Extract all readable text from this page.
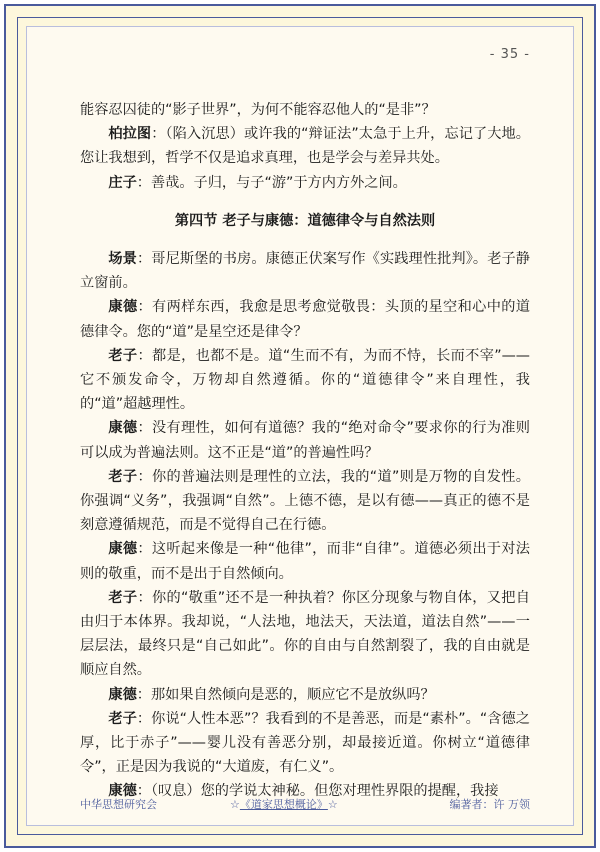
- 35 -

能容忍囚徒的“影子世界”，为何不能容忍他人的“是非”？

柏拉图：（陷入沉思）或许我的“辩证法”太急于上升，忘记了大地。您让我想到，哲学不仅是追求真理，也是学会与差异共处。

庄子：善哉。子归，与子“游”于方内方外之间。

第四节 老子与康德：道德律令与自然法则

场景：哥尼斯堡的书房。康德正伏案写作《实践理性批判》。老子静立窗前。

康德：有两样东西，我愈是思考愈觉敬畏：头顶的星空和心中的道德律令。您的“道”是星空还是律令？

老子：都是，也都不是。道“生而不有，为而不恃，长而不宰”——它不颁发命令，万物却自然遵循。你的“道德律令”来自理性，我的“道”超越理性。

康德：没有理性，如何有道德？我的“绝对命令”要求你的行为准则可以成为普遍法则。这不正是“道”的普遍性吗？

老子：你的普遍法则是理性的立法，我的“道”则是万物的自发性。你强调“义务”，我强调“自然”。上德不德，是以有德——真正的德不是刻意遵循规范，而是不觉得自己在行德。

康德：这听起来像是一种“他律”，而非“自律”。道德必须出于对法则的敬重，而不是出于自然倾向。

老子：你的“敬重”还不是一种执着？你区分现象与物自体，又把自由归于本体界。我却说，“人法地，地法天，天法道，道法自然”——一层层法，最终只是“自己如此”。你的自由与自然割裂了，我的自由就是顺应自然。

康德：那如果自然倾向是恶的，顺应它不是放纵吗？

老子：你说“人性本恶”？我看到的不是善恶，而是“素朴”。“含德之厚，比于赤子”——婴儿没有善恶分别，却最接近道。你树立“道德律令”，正是因为我说的“大道废，有仁义”。

康德：（叹息）您的学说太神秘。但您对理性界限的提醒，我接

中华思想研究会	☆《道家思想概论》☆	编著者：许 万领
